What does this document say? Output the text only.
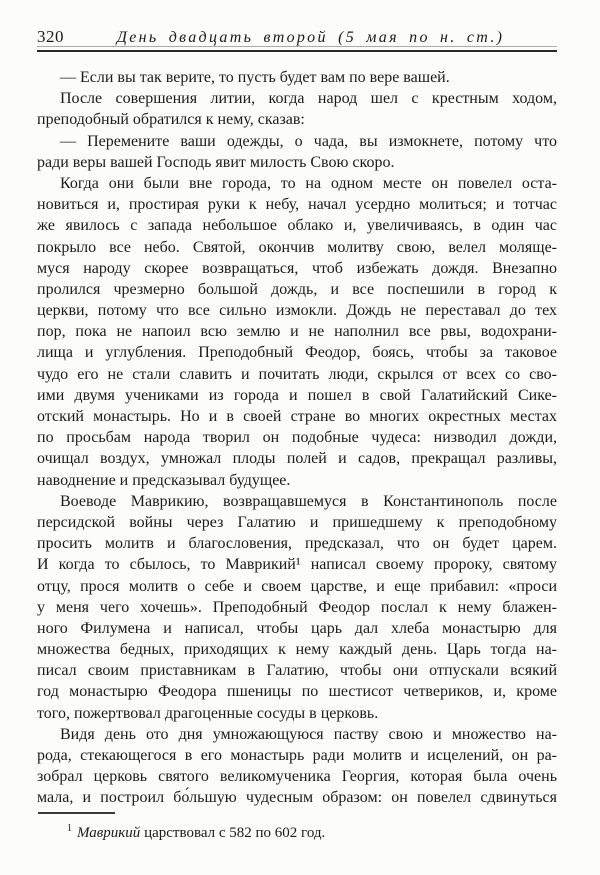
320	День двадцать второй (5 мая по н. ст.)
— Если вы так верите, то пусть будет вам по вере вашей.
После совершения литии, когда народ шел с крестным ходом,
преподобный обратился к нему, сказав:
— Перемените ваши одежды, о чада, вы измокнете, потому что
ради веры вашей Господь явит милость Свою скоро.
Когда они были вне города, то на одном месте он повелел оста-
новиться и, простирая руки к небу, начал усердно молиться; и тотчас
же явилось с запада небольшое облако и, увеличиваясь, в один час
покрыло все небо. Святой, окончив молитву свою, велел моляще-
муся народу скорее возвращаться, чтоб избежать дождя. Внезапно
пролился чрезмерно большой дождь, и все поспешили в город к
церкви, потому что все сильно измокли. Дождь не переставал до тех
пор, пока не напоил всю землю и не наполнил все рвы, водохрани-
лища и углубления. Преподобный Феодор, боясь, чтобы за таковое
чудо его не стали славить и почитать люди, скрылся от всех со сво-
ими двумя учениками из города и пошел в свой Галатийский Сике-
отский монастырь. Но и в своей стране во многих окрестных местах
по просьбам народа творил он подобные чудеса: низводил дожди,
очищал воздух, умножал плоды полей и садов, прекращал разливы,
наводнение и предсказывал будущее.
Воеводе Маврикию, возвращавшемуся в Константинополь после
персидской войны через Галатию и пришедшему к преподобному
просить молитв и благословения, предсказал, что он будет царем.
И когда то сбылось, то Маврикий¹ написал своему пророку, святому
отцу, прося молитв о себе и своем царстве, и еще прибавил: «проси
у меня чего хочешь». Преподобный Феодор послал к нему блажен-
ного Филумена и написал, чтобы царь дал хлеба монастырю для
множества бедных, приходящих к нему каждый день. Царь тогда на-
писал своим приставникам в Галатию, чтобы они отпускали всякий
год монастырю Феодора пшеницы по шестисот четвериков, и, кроме
того, пожертвовал драгоценные сосуды в церковь.
Видя день ото дня умножающуюся паству свою и множество на-
рода, стекающегося в его монастырь ради молитв и исцелений, он ра-
зобрал церковь святого великомученика Георгия, которая была очень
мала, и построил бо́льшую чудесным образом: он повелел сдвинуться
$^1$ Маврикий царствовал с 582 по 602 год.
